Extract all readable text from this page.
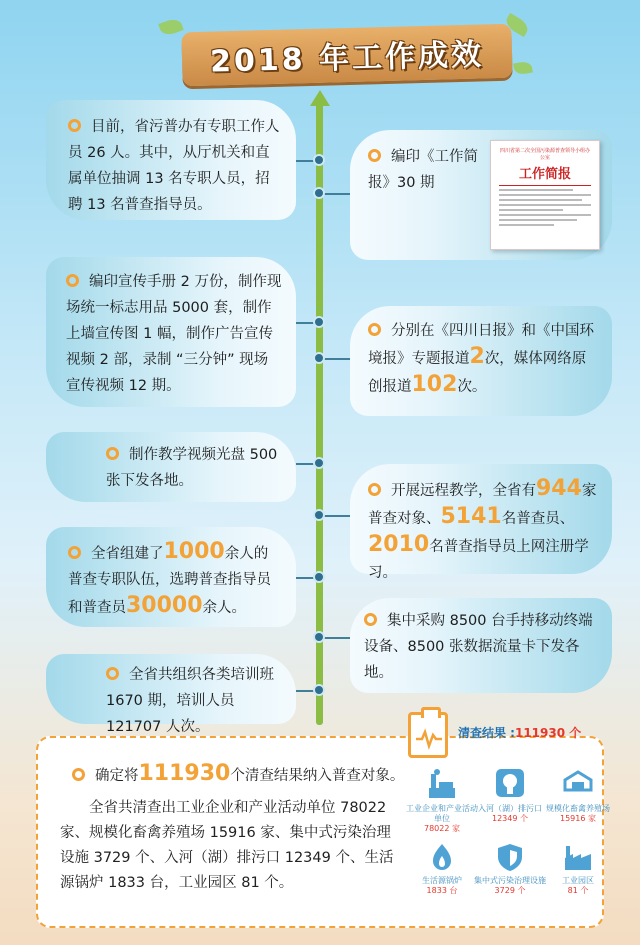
2018 年工作成效
目前，省污普办有专职工作人员 26 人。其中，从厅机关和直属单位抽调 13 名专职人员，招聘 13 名普查指导员。
编印宣传手册 2 万份，制作现场统一标志用品 5000 套，制作上墙宣传图 1 幅，制作广告宣传视频 2 部，录制 “三分钟” 现场宣传视频 12 期。
制作教学视频光盘 500 张下发各地。
全省组建了1000余人的普查专职队伍，选聘普查指导员和普查员30000余人。
全省共组织各类培训班 1670 期，培训人员 121707 人次。
编印《工作简报》30 期
四川省第二次全国污染源普查领导小组办公室
工作简报
分别在《四川日报》和《中国环境报》专题报道2次，媒体网络原创报道102次。
开展远程教学，全省有944家普查对象、5141名普查员、2010名普查指导员上网注册学习。
集中采购 8500 台手持移动终端设备、8500 张数据流量卡下发各地。
清查结果 :111930 个
确定将111930个清查结果纳入普查对象。
全省共清查出工业企业和产业活动单位 78022 家、规模化畜禽养殖场 15916 家、集中式污染治理设施 3729 个、入河（湖）排污口 12349 个、生活源锅炉 1833 台，工业园区 81 个。
工业企业和产业活动单位
78022 家
入河（湖）排污口
12349 个
规模化畜禽养殖场
15916 家
生活源锅炉
1833 台
集中式污染治理设施
3729 个
工业园区
81 个
